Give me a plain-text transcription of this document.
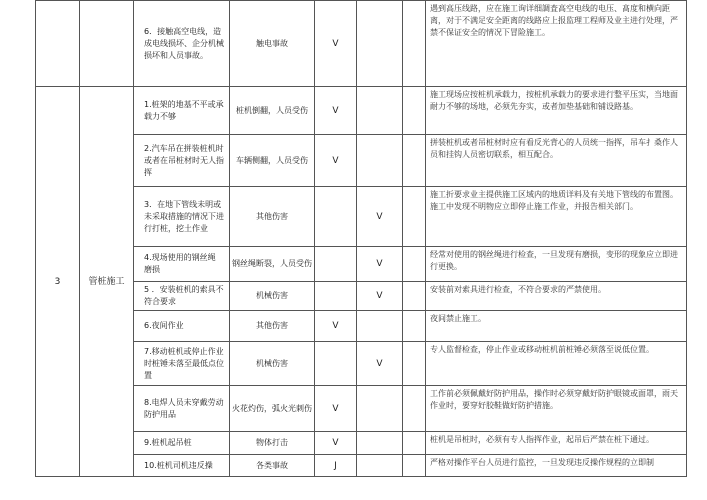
		6．接触高空电线，造成电线损坏、企分机械损坏和人员事故。	触电事故	V			遇到高压线路，应在施工询详细調査高空电线的电压、髙度和横向距离，对于不满足安全距离的线路应上报监理工程师及业主进行处理，严禁不保证安全的情况下冒险施工。
3	管桩施工	1.桩架的地基不平或承载力不够	桩机倒翻，人员受伤	V			施工现场应按桩机承载力，按桩机承载力的要求进行整平压实，当地面耐力不够的场地，必须先夯实，或者加垫基础和铺设路基。

		2.汽车吊在拼装桩机时或者在吊桩材时无人指挥	车辆侧翻，人员受伤	V			拼装桩机或者吊桩材时应有看反光背心的人员统一指挥，吊车扌桑作人员和挂钩人员密切联系，相互配合。

		3．在地下管线未明或未采取措施的情况下进行打桩，挖土作业	其他伤害		V		施工折要求业主提供施工区域内的地质详料及有关地下管线的布置图。施工中发现不明物应立即停止施工作业，并报告相关部门。

		4.现场使用的钢丝绳 磨损	钢丝绳断裂，人员受伤		V		经常对使用的钢丝绳进行检查，一旦发现有磨损，变形的现象应立即进行更换。

		5 ．安装桩机的索具不符合要求	机械伤害		V		安装前对索具进行检查，不符合要求的严禁使用。

		6.夜间作业	其他伤害	V			夜间禁止施工。

		7.移动桩机或停止作业时桩锤未落至最低点位置	机械伤害		V		专人监督检查，停止作业或移动桩机前桩锤必须落至说低位置。

		8.电焊人员未穿戴劳动防护用品	火花灼伤，弧火光刺伤	V			工作前必须佩戴好防护用品，操作时必须穿戴好防护眼镜或面罩，雨天作业时，要穿好胶鞋做好防护措施。

		9.桩机起吊桩	物体打击	V			桩机是吊桩时，必须有专人指挥作业，起吊后严禁在桩下通过。

		10.桩机司机违反操	各类事故	J			严格对操作平台人员进行监控，一旦发现违反操作规程的立即制
